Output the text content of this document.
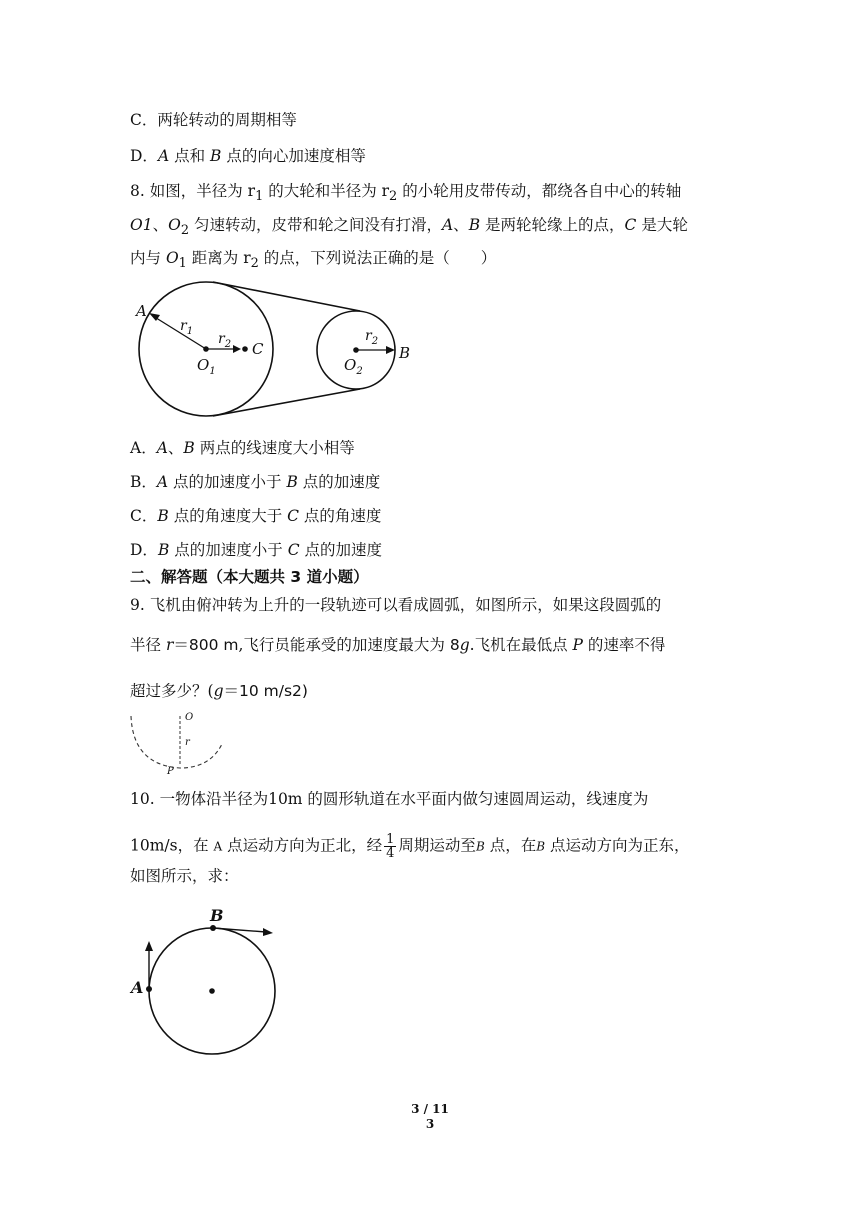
C．两轮转动的周期相等
D．A 点和 B 点的向心加速度相等
8. 如图，半径为 $r_1$ 的大轮和半径为 $r_2$ 的小轮用皮带传动，都绕各自中心的转轴
O1、$O_2$ 匀速转动，皮带和轮之间没有打滑，A、B 是两轮轮缘上的点，C 是大轮
内与 $O_1$ 距离为 $r_2$ 的点，下列说法正确的是（　　）
A
$r_1$ $r_2$ C
$O_1$
$r_2$
B
$O_2$
A．A、B 两点的线速度大小相等
B．A 点的加速度小于 B 点的加速度
C．B 点的角速度大于 C 点的角速度
D．B 点的加速度小于 C 点的加速度
二、解答题（本大题共 3 道小题）
9. 飞机由俯冲转为上升的一段轨迹可以看成圆弧，如图所示，如果这段圆弧的
半径 r＝800 m,飞行员能承受的加速度最大为 8g.飞机在最低点 P 的速率不得
超过多少？(g＝10 m/s2)
O
r
P
10. 一物体沿半径为10m 的圆形轨道在水平面内做匀速圆周运动，线速度为
10m/s，在 A 点运动方向为正北，经 $\frac{1}{4}$ 周期运动至B 点，在B 点运动方向为正东，
如图所示，求：
A
B
3 / 11
3
